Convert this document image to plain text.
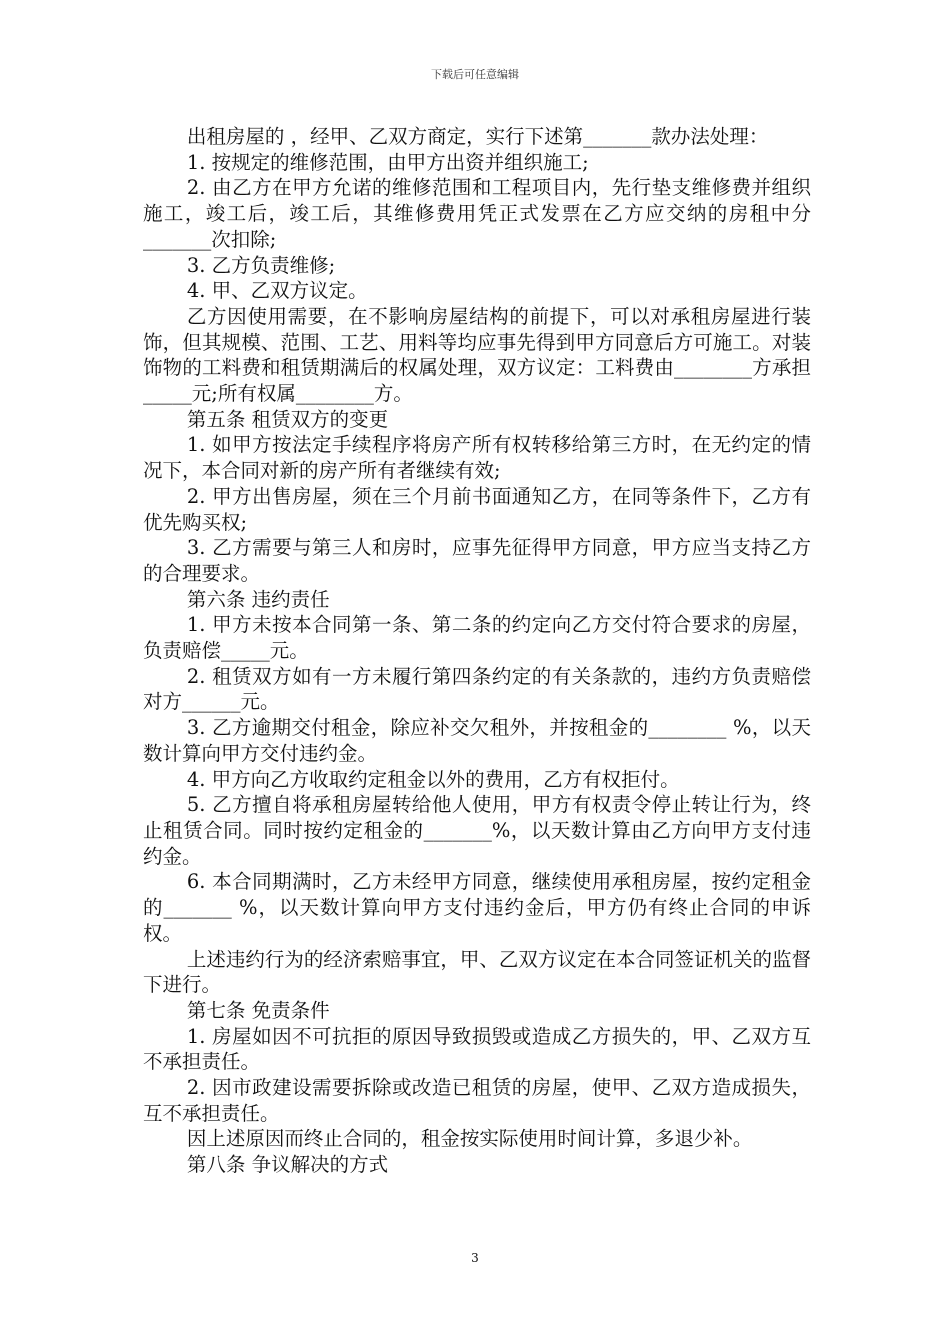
下载后可任意编辑

出租房屋的 ，经甲、乙双方商定，实行下述第_______款办法处理：

1. 按规定的维修范围，由甲方出资并组织施工;

2. 由乙方在甲方允诺的维修范围和工程项目内，先行垫支维修费并组织施工，竣工后，竣工后，其维修费用凭正式发票在乙方应交纳的房租中分_______次扣除;

3. 乙方负责维修;

4. 甲、乙双方议定。

乙方因使用需要，在不影响房屋结构的前提下，可以对承租房屋进行装饰，但其规模、范围、工艺、用料等均应事先得到甲方同意后方可施工。对装饰物的工料费和租赁期满后的权属处理，双方议定：工料费由________方承担_____元;所有权属________方。

第五条 租赁双方的变更

1. 如甲方按法定手续程序将房产所有权转移给第三方时，在无约定的情况下，本合同对新的房产所有者继续有效;

2. 甲方出售房屋，须在三个月前书面通知乙方，在同等条件下，乙方有优先购买权;

3. 乙方需要与第三人和房时，应事先征得甲方同意，甲方应当支持乙方的合理要求。

第六条 违约责任

1. 甲方未按本合同第一条、第二条的约定向乙方交付符合要求的房屋，负责赔偿_____元。

2. 租赁双方如有一方未履行第四条约定的有关条款的，违约方负责赔偿对方______元。

3. 乙方逾期交付租金，除应补交欠租外，并按租金的________ %，以天数计算向甲方交付违约金。

4. 甲方向乙方收取约定租金以外的费用，乙方有权拒付。

5. 乙方擅自将承租房屋转给他人使用，甲方有权责令停止转让行为，终止租赁合同。同时按约定租金的_______%，以天数计算由乙方向甲方支付违约金。

6. 本合同期满时，乙方未经甲方同意，继续使用承租房屋，按约定租金的_______ %，以天数计算向甲方支付违约金后，甲方仍有终止合同的申诉权。

上述违约行为的经济索赔事宜，甲、乙双方议定在本合同签证机关的监督下进行。

第七条 免责条件

1. 房屋如因不可抗拒的原因导致损毁或造成乙方损失的，甲、乙双方互不承担责任。

2. 因市政建设需要拆除或改造已租赁的房屋，使甲、乙双方造成损失，互不承担责任。

因上述原因而终止合同的，租金按实际使用时间计算，多退少补。

第八条 争议解决的方式

3
